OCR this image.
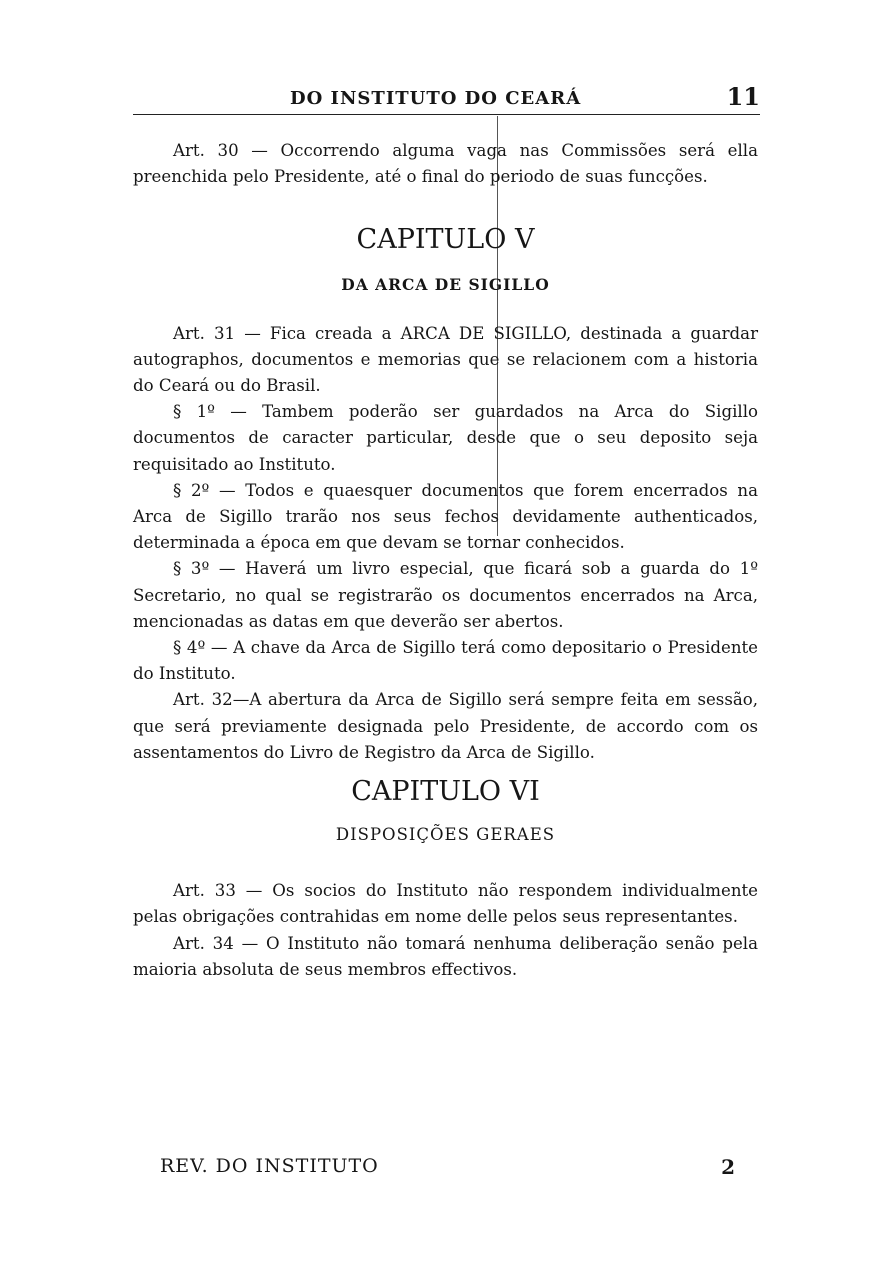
DO INSTITUTO DO CEARÁ	11

Art. 30 — Occorrendo alguma vaga nas Commissões será ella preenchida pelo Presidente, até o final do periodo de suas funcções.

CAPITULO V
DA ARCA DE SIGILLO

Art. 31 — Fica creada a ARCA DE SIGILLO, destinada a guardar autographos, documentos e memorias que se relacionem com a historia do Ceará ou do Brasil.

§ 1º — Tambem poderão ser guardados na Arca do Sigillo documentos de caracter particular, desde que o seu deposito seja requisitado ao Instituto.

§ 2º — Todos e quaesquer documentos que forem encerrados na Arca de Sigillo trarão nos seus fechos devidamente authenticados, determinada a época em que devam se tornar conhecidos.

§ 3º — Haverá um livro especial, que ficará sob a guarda do 1º Secretario, no qual se registrarão os documentos encerrados na Arca, mencionadas as datas em que deverão ser abertos.

§ 4º — A chave da Arca de Sigillo terá como depositario o Presidente do Instituto.

Art. 32—A abertura da Arca de Sigillo será sempre feita em sessão, que será previamente designada pelo Presidente, de accordo com os assentamentos do Livro de Registro da Arca de Sigillo.

CAPITULO VI
DISPOSIÇÕES GERAES

Art. 33 — Os socios do Instituto não respondem individualmente pelas obrigações contrahidas em nome delle pelos seus representantes.

Art. 34 — O Instituto não tomará nenhuma deliberação senão pela maioria absoluta de seus membros effectivos.

REV. DO INSTITUTO	2
